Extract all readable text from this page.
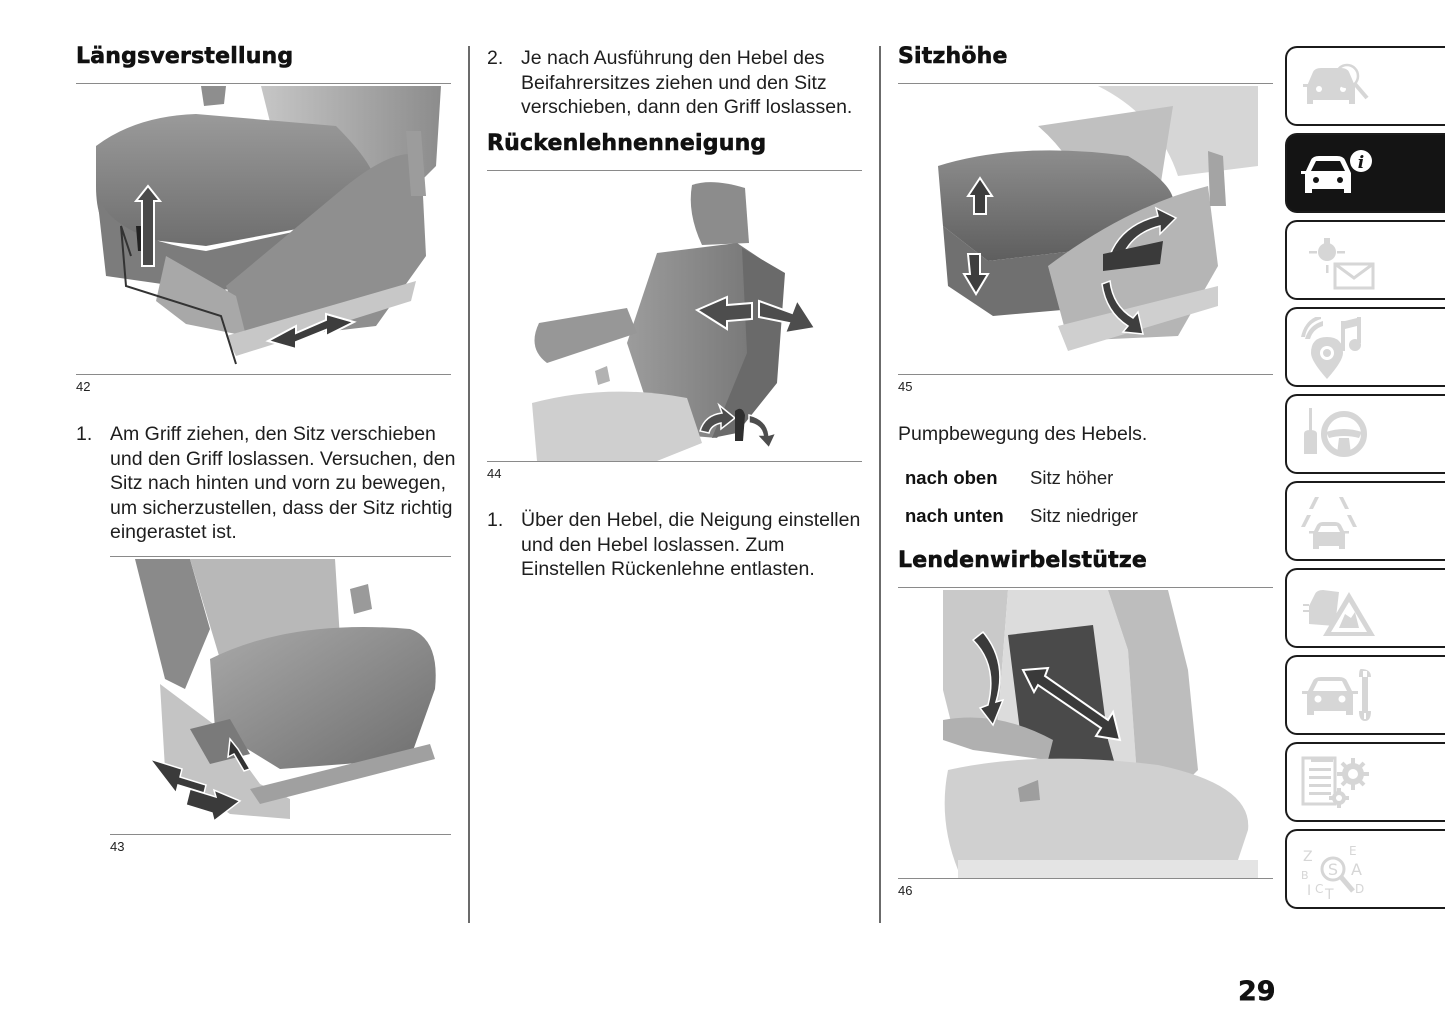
Längsverstellung
42
1. Am Griff ziehen, den Sitz verschieben und den Griff loslassen. Versuchen, den Sitz nach hinten und vorn zu bewegen, um sicherzustellen, dass der Sitz richtig eingerastet ist.
43
2. Je nach Ausführung den Hebel des Beifahrersitzes ziehen und den Sitz verschieben, dann den Griff loslassen.
Rückenlehnenneigung
44
1. Über den Hebel, die Neigung einstellen und den Hebel loslassen. Zum Einstellen Rückenlehne entlasten.
Sitzhöhe
45
Pumpbewegung des Hebels.
nach oben	Sitz höher
nach unten	Sitz niedriger
Lendenwirbelstütze
46
i
Z	E
A
B
C T D
I
S
29
